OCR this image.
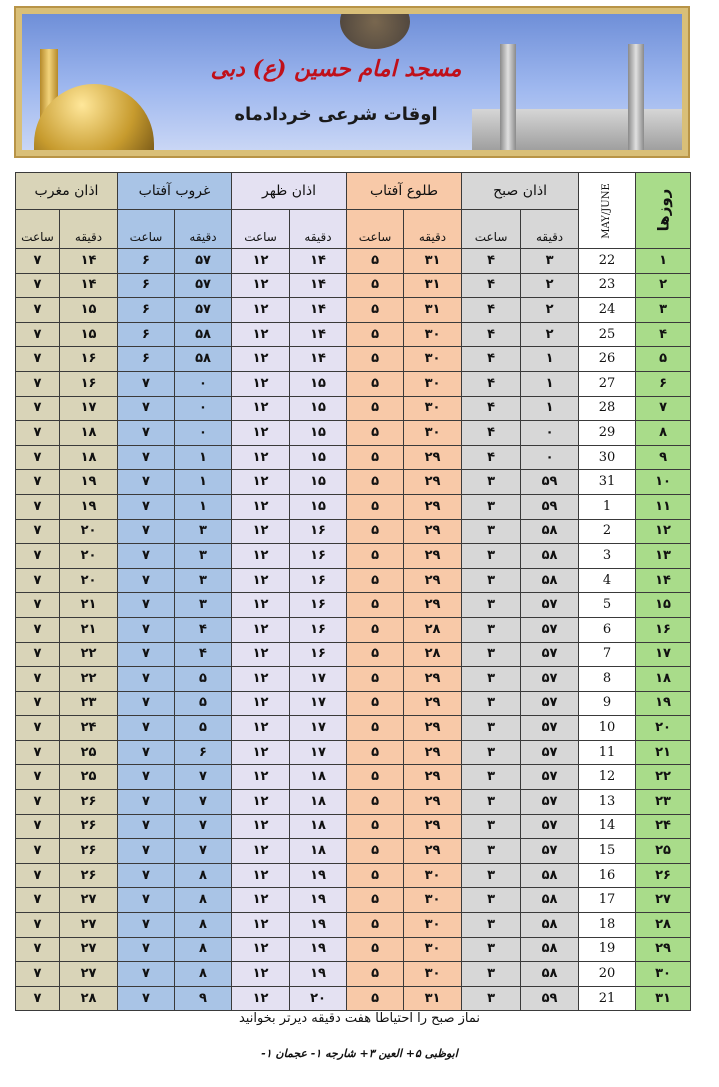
مسجد امام حسین (ع) دبی
اوقات شرعی خردادماه
اذان مغرب		غروب آفتاب		اذان ظهر		طلوع آفتاب		اذان صبح		MAY/JUNE	روزها
ساعت	دقیقه	ساعت	دقیقه	ساعت	دقیقه	ساعت	دقیقه	ساعت	دقیقه		
۷	۱۴	۶	۵۷	۱۲	۱۴	۵	۳۱	۴	۳	22	۱
۷	۱۴	۶	۵۷	۱۲	۱۴	۵	۳۱	۴	۲	23	۲
۷	۱۵	۶	۵۷	۱۲	۱۴	۵	۳۱	۴	۲	24	۳
۷	۱۵	۶	۵۸	۱۲	۱۴	۵	۳۰	۴	۲	25	۴
۷	۱۶	۶	۵۸	۱۲	۱۴	۵	۳۰	۴	۱	26	۵
۷	۱۶	۷	۰	۱۲	۱۵	۵	۳۰	۴	۱	27	۶
۷	۱۷	۷	۰	۱۲	۱۵	۵	۳۰	۴	۱	28	۷
۷	۱۸	۷	۰	۱۲	۱۵	۵	۳۰	۴	۰	29	۸
۷	۱۸	۷	۱	۱۲	۱۵	۵	۲۹	۴	۰	30	۹
۷	۱۹	۷	۱	۱۲	۱۵	۵	۲۹	۳	۵۹	31	۱۰
۷	۱۹	۷	۱	۱۲	۱۵	۵	۲۹	۳	۵۹	1	۱۱
۷	۲۰	۷	۳	۱۲	۱۶	۵	۲۹	۳	۵۸	2	۱۲
۷	۲۰	۷	۳	۱۲	۱۶	۵	۲۹	۳	۵۸	3	۱۳
۷	۲۰	۷	۳	۱۲	۱۶	۵	۲۹	۳	۵۸	4	۱۴
۷	۲۱	۷	۳	۱۲	۱۶	۵	۲۹	۳	۵۷	5	۱۵
۷	۲۱	۷	۴	۱۲	۱۶	۵	۲۸	۳	۵۷	6	۱۶
۷	۲۲	۷	۴	۱۲	۱۶	۵	۲۸	۳	۵۷	7	۱۷
۷	۲۲	۷	۵	۱۲	۱۷	۵	۲۹	۳	۵۷	8	۱۸
۷	۲۳	۷	۵	۱۲	۱۷	۵	۲۹	۳	۵۷	9	۱۹
۷	۲۴	۷	۵	۱۲	۱۷	۵	۲۹	۳	۵۷	10	۲۰
۷	۲۵	۷	۶	۱۲	۱۷	۵	۲۹	۳	۵۷	11	۲۱
۷	۲۵	۷	۷	۱۲	۱۸	۵	۲۹	۳	۵۷	12	۲۲
۷	۲۶	۷	۷	۱۲	۱۸	۵	۲۹	۳	۵۷	13	۲۳
۷	۲۶	۷	۷	۱۲	۱۸	۵	۲۹	۳	۵۷	14	۲۴
۷	۲۶	۷	۷	۱۲	۱۸	۵	۲۹	۳	۵۷	15	۲۵
۷	۲۶	۷	۸	۱۲	۱۹	۵	۳۰	۳	۵۸	16	۲۶
۷	۲۷	۷	۸	۱۲	۱۹	۵	۳۰	۳	۵۸	17	۲۷
۷	۲۷	۷	۸	۱۲	۱۹	۵	۳۰	۳	۵۸	18	۲۸
۷	۲۷	۷	۸	۱۲	۱۹	۵	۳۰	۳	۵۸	19	۲۹
۷	۲۷	۷	۸	۱۲	۱۹	۵	۳۰	۳	۵۸	20	۳۰
۷	۲۸	۷	۹	۱۲	۲۰	۵	۳۱	۳	۵۹	21	۳۱
نماز صبح را احتیاطا هفت دقیقه دیرتر بخوانید
ابوظبی ۵+ العین ۳+ شارجه ۱- عجمان ۱-
